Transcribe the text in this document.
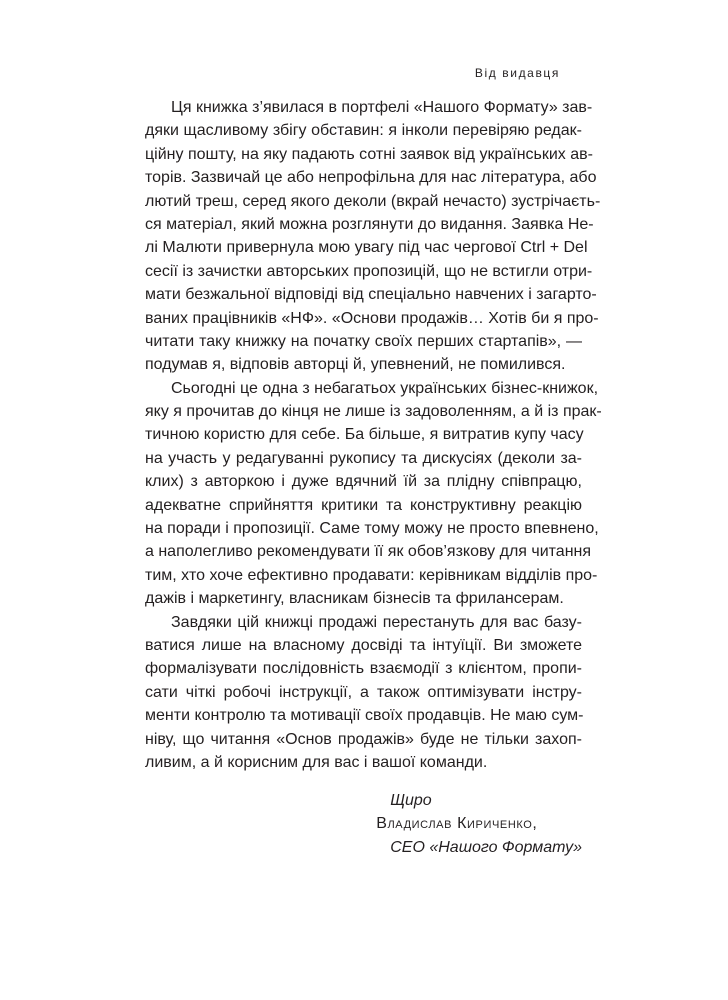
Від видавця
Ця книжка з’явилася в портфелі «Нашого Формату» зав-
дяки щасливому збігу обставин: я інколи перевіряю редак-
ційну пошту, на яку падають сотні заявок від українських ав-
торів. Зазвичай це або непрофільна для нас література, або
лютий треш, серед якого деколи (вкрай нечасто) зустрічаєть-
ся матеріал, який можна розглянути до видання. Заявка Не-
лі Малюти привернула мою увагу під час чергової Ctrl + Del
сесії із зачистки авторських пропозицій, що не встигли отри-
мати безжальної відповіді від спеціально навчених і загарто-
ваних працівників «НФ». «Основи продажів… Хотів би я про-
читати таку книжку на початку своїх перших стартапів», —
подумав я, відповів авторці й, упевнений, не помилився.
Сьогодні це одна з небагатьох українських бізнес-книжок,
яку я прочитав до кінця не лише із задоволенням, а й із прак-
тичною користю для себе. Ба більше, я витратив купу часу
на участь у редагуванні рукопису та дискусіях (деколи за-
клих) з авторкою і дуже вдячний їй за плідну співпрацю,
адекватне сприйняття критики та конструктивну реакцію
на поради і пропозиції. Саме тому можу не просто впевнено,
а наполегливо рекомендувати її як обов’язкову для читання
тим, хто хоче ефективно продавати: керівникам відділів про-
дажів і маркетингу, власникам бізнесів та фрилансерам.
Завдяки цій книжці продажі перестануть для вас базу-
ватися лише на власному досвіді та інтуїції. Ви зможете
формалізувати послідовність взаємодії з клієнтом, пропи-
сати чіткі робочі інструкції, а також оптимізувати інстру-
менти контролю та мотивації своїх продавців. Не маю сум-
ніву, що читання «Основ продажів» буде не тільки захоп-
ливим, а й корисним для вас і вашої команди.
Щиро
Владислав Кириченко,
CEO «Нашого Формату»
